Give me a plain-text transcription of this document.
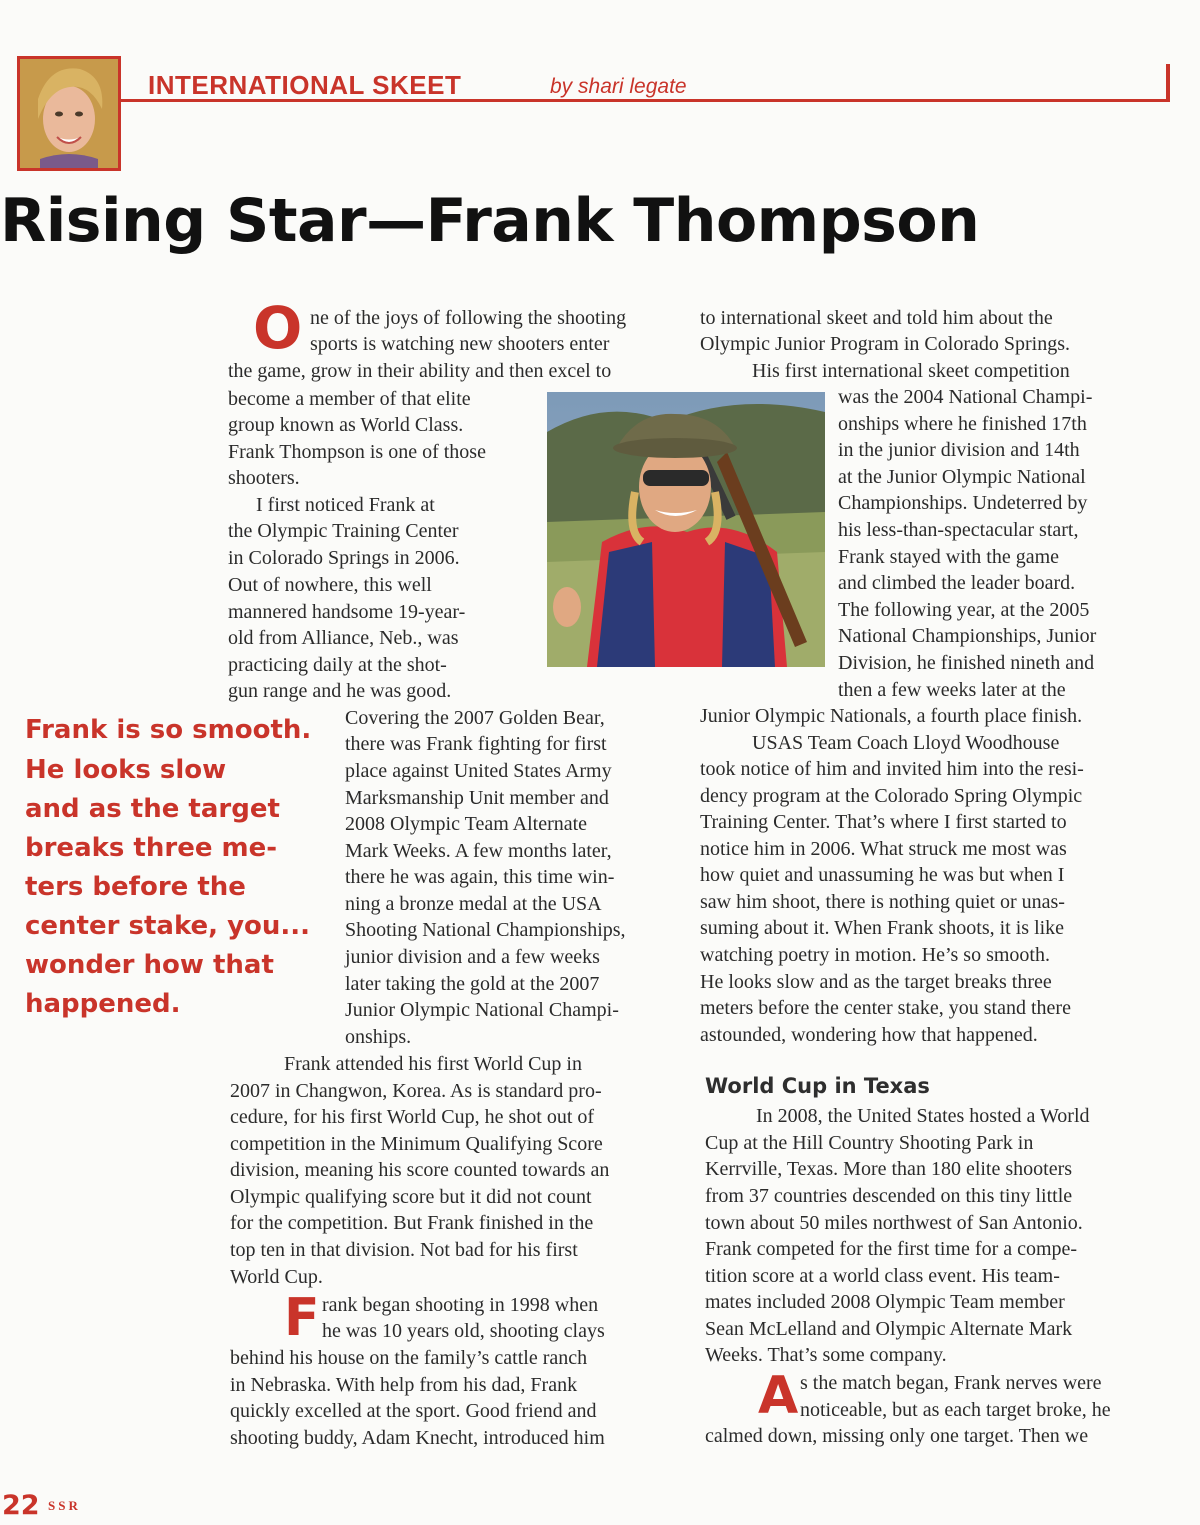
INTERNATIONAL SKEET	by shari legate
Rising Star—Frank Thompson
O ne of the joys of following the shooting
sports is watching new shooters enter
the game, grow in their ability and then excel to
become a member of that elite
group known as World Class.
Frank Thompson is one of those
shooters.
I first noticed Frank at
the Olympic Training Center
in Colorado Springs in 2006.
Out of nowhere, this well
mannered handsome 19-year-
old from Alliance, Neb., was
practicing daily at the shot-
gun range and he was good.
Frank is so smooth.
He looks slow
and as the target
breaks three me-
ters before the
center stake, you...
wonder how that
happened.
Covering the 2007 Golden Bear,
there was Frank fighting for first
place against United States Army
Marksmanship Unit member and
2008 Olympic Team Alternate
Mark Weeks. A few months later,
there he was again, this time win-
ning a bronze medal at the USA
Shooting National Championships,
junior division and a few weeks
later taking the gold at the 2007
Junior Olympic National Champi-
onships.
Frank attended his first World Cup in
2007 in Changwon, Korea. As is standard pro-
cedure, for his first World Cup, he shot out of
competition in the Minimum Qualifying Score
division, meaning his score counted towards an
Olympic qualifying score but it did not count
for the competition. But Frank finished in the
top ten in that division. Not bad for his first
World Cup.
F rank began shooting in 1998 when
he was 10 years old, shooting clays
behind his house on the family’s cattle ranch
in Nebraska. With help from his dad, Frank
quickly excelled at the sport. Good friend and
shooting buddy, Adam Knecht, introduced him
to international skeet and told him about the
Olympic Junior Program in Colorado Springs.
His first international skeet competition
was the 2004 National Champi-
onships where he finished 17th
in the junior division and 14th
at the Junior Olympic National
Championships. Undeterred by
his less-than-spectacular start,
Frank stayed with the game
and climbed the leader board.
The following year, at the 2005
National Championships, Junior
Division, he finished nineth and
then a few weeks later at the
Junior Olympic Nationals, a fourth place finish.
USAS Team Coach Lloyd Woodhouse
took notice of him and invited him into the resi-
dency program at the Colorado Spring Olympic
Training Center. That’s where I first started to
notice him in 2006. What struck me most was
how quiet and unassuming he was but when I
saw him shoot, there is nothing quiet or unas-
suming about it. When Frank shoots, it is like
watching poetry in motion. He’s so smooth.
He looks slow and as the target breaks three
meters before the center stake, you stand there
astounded, wondering how that happened.
World Cup in Texas
In 2008, the United States hosted a World
Cup at the Hill Country Shooting Park in
Kerrville, Texas. More than 180 elite shooters
from 37 countries descended on this tiny little
town about 50 miles northwest of San Antonio.
Frank competed for the first time for a compe-
tition score at a world class event. His team-
mates included 2008 Olympic Team member
Sean McLelland and Olympic Alternate Mark
Weeks. That’s some company.
A s the match began, Frank nerves were
noticeable, but as each target broke, he
calmed down, missing only one target. Then we
22 SSR
